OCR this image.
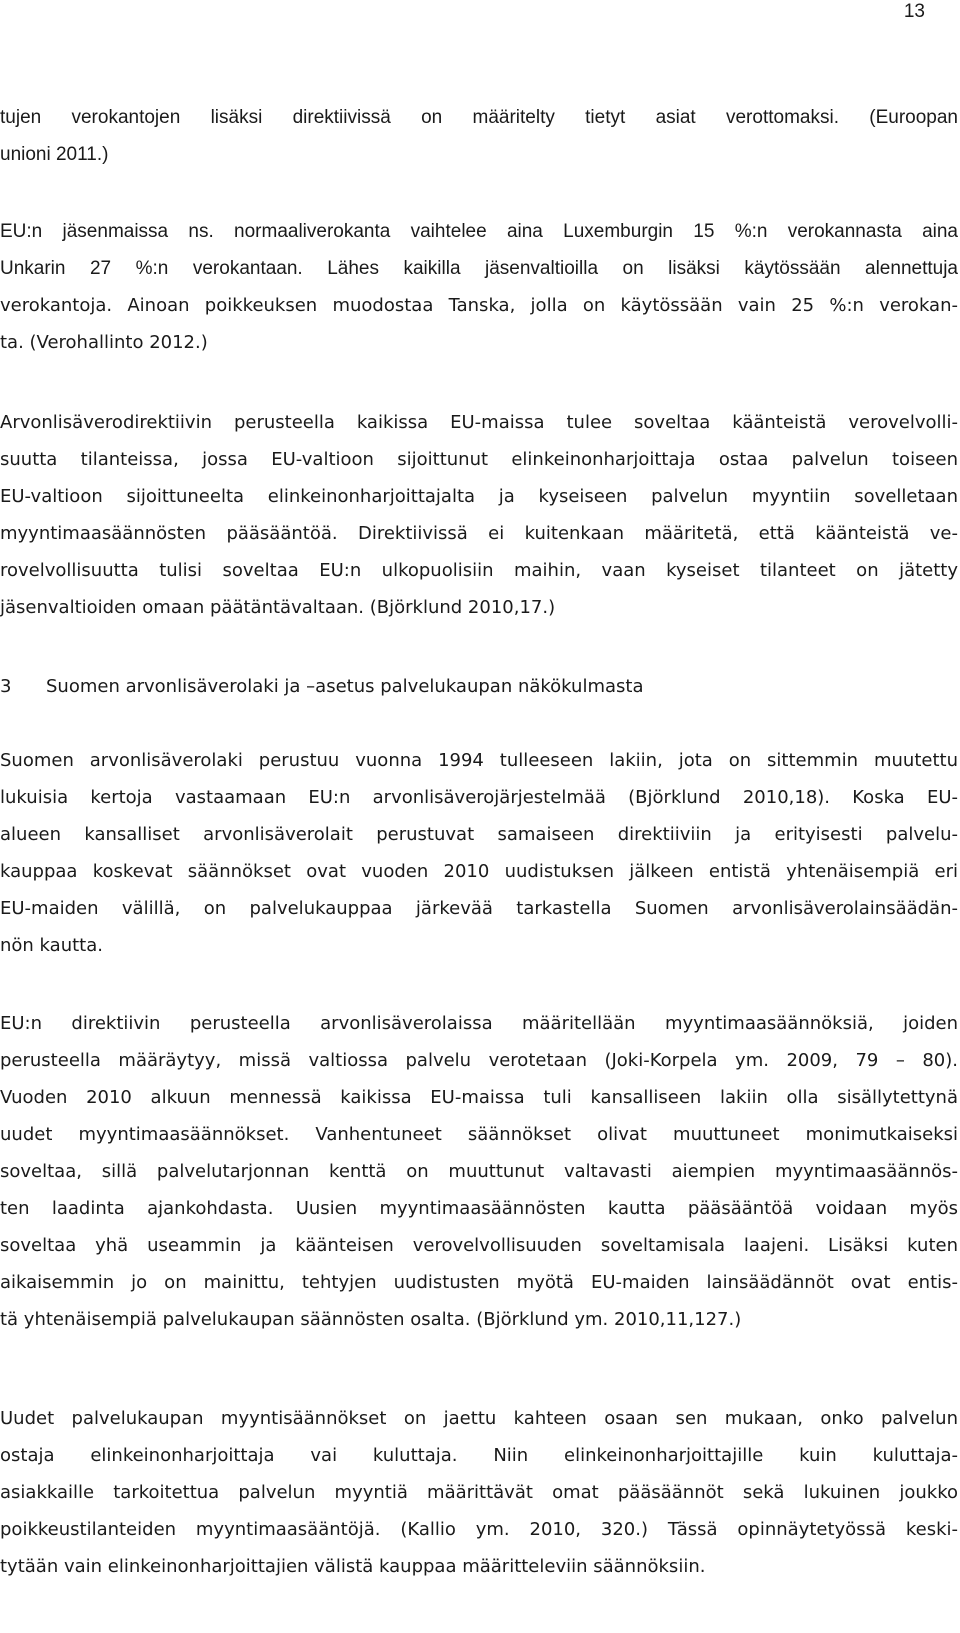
13
tujen verokantojen lisäksi direktiivissä on määritelty tietyt asiat verottomaksi. (Euroopan
unioni 2011.)
EU:n jäsenmaissa ns. normaaliverokanta vaihtelee aina Luxemburgin 15 %:n verokannasta aina
Unkarin 27 %:n verokantaan. Lähes kaikilla jäsenvaltioilla on lisäksi käytössään alennettuja
verokantoja. Ainoan poikkeuksen muodostaa Tanska, jolla on käytössään vain 25 %:n verokan-
ta. (Verohallinto 2012.)
Arvonlisäverodirektiivin perusteella kaikissa EU-maissa tulee soveltaa käänteistä verovelvolli-
suutta tilanteissa, jossa EU-valtioon sijoittunut elinkeinonharjoittaja ostaa palvelun toiseen
EU-valtioon sijoittuneelta elinkeinonharjoittajalta ja kyseiseen palvelun myyntiin sovelletaan
myyntimaasäännösten pääsääntöä. Direktiivissä ei kuitenkaan määritetä, että käänteistä ve-
rovelvollisuutta tulisi soveltaa EU:n ulkopuolisiin maihin, vaan kyseiset tilanteet on jätetty
jäsenvaltioiden omaan päätäntävaltaan. (Björklund 2010,17.)
3 Suomen arvonlisäverolaki ja –asetus palvelukaupan näkökulmasta
Suomen arvonlisäverolaki perustuu vuonna 1994 tulleeseen lakiin, jota on sittemmin muutettu
lukuisia kertoja vastaamaan EU:n arvonlisäverojärjestelmää (Björklund 2010,18). Koska EU-
alueen kansalliset arvonlisäverolait perustuvat samaiseen direktiiviin ja erityisesti palvelu-
kauppaa koskevat säännökset ovat vuoden 2010 uudistuksen jälkeen entistä yhtenäisempiä eri
EU-maiden välillä, on palvelukauppaa järkevää tarkastella Suomen arvonlisäverolainsäädän-
nön kautta.
EU:n direktiivin perusteella arvonlisäverolaissa määritellään myyntimaasäännöksiä, joiden
perusteella määräytyy, missä valtiossa palvelu verotetaan (Joki-Korpela ym. 2009, 79 – 80).
Vuoden 2010 alkuun mennessä kaikissa EU-maissa tuli kansalliseen lakiin olla sisällytettynä
uudet myyntimaasäännökset. Vanhentuneet säännökset olivat muuttuneet monimutkaiseksi
soveltaa, sillä palvelutarjonnan kenttä on muuttunut valtavasti aiempien myyntimaasäännös-
ten laadinta ajankohdasta. Uusien myyntimaasäännösten kautta pääsääntöä voidaan myös
soveltaa yhä useammin ja käänteisen verovelvollisuuden soveltamisala laajeni. Lisäksi kuten
aikaisemmin jo on mainittu, tehtyjen uudistusten myötä EU-maiden lainsäädännöt ovat entis-
tä yhtenäisempiä palvelukaupan säännösten osalta. (Björklund ym. 2010,11,127.)
Uudet palvelukaupan myyntisäännökset on jaettu kahteen osaan sen mukaan, onko palvelun
ostaja elinkeinonharjoittaja vai kuluttaja. Niin elinkeinonharjoittajille kuin kuluttaja-
asiakkaille tarkoitettua palvelun myyntiä määrittävät omat pääsäännöt sekä lukuinen joukko
poikkeustilanteiden myyntimaasääntöjä. (Kallio ym. 2010, 320.) Tässä opinnäytetyössä keski-
tytään vain elinkeinonharjoittajien välistä kauppaa määritteleviin säännöksiin.
